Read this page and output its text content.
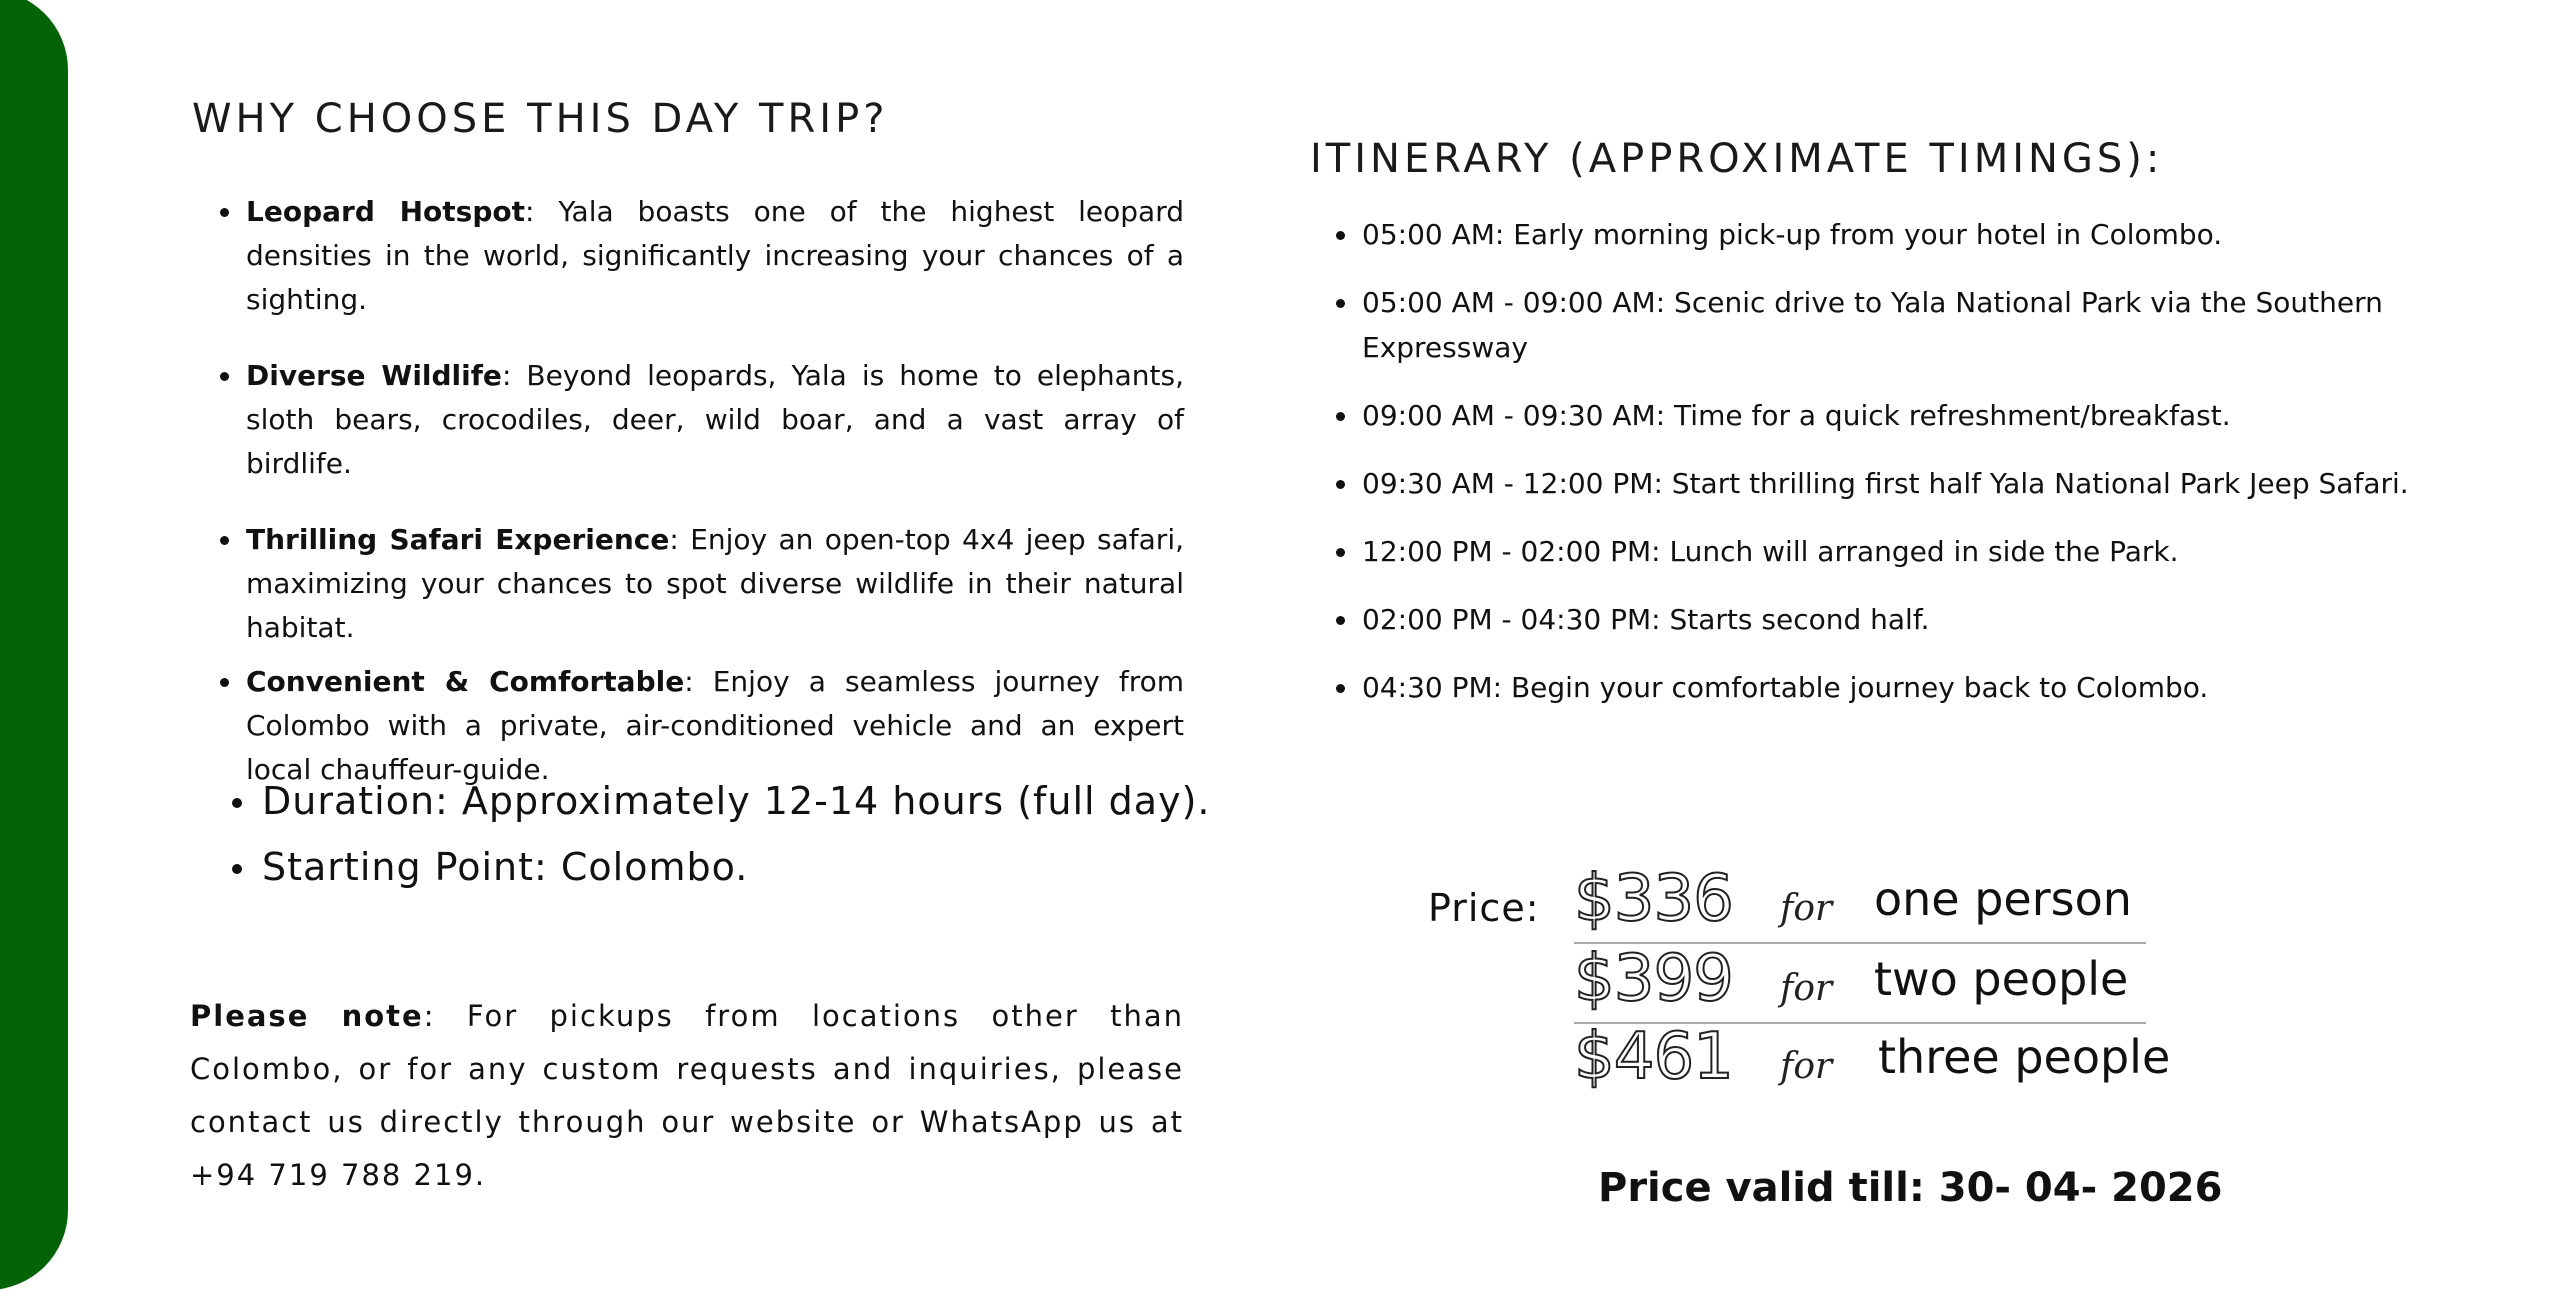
WHY CHOOSE THIS DAY TRIP?
Leopard Hotspot: Yala boasts one of the highest leopard densities in the world, significantly increasing your chances of a sighting.
Diverse Wildlife: Beyond leopards, Yala is home to elephants, sloth bears, crocodiles, deer, wild boar, and a vast array of birdlife.
Thrilling Safari Experience: Enjoy an open-top 4x4 jeep safari, maximizing your chances to spot diverse wildlife in their natural habitat.
Convenient & Comfortable: Enjoy a seamless journey from Colombo with a private, air-conditioned vehicle and an expert local chauffeur-guide.
Duration: Approximately 12-14 hours (full day).
Starting Point: Colombo.

Please note: For pickups from locations other than Colombo, or for any custom requests and inquiries, please contact us directly through our website or WhatsApp us at +94 719 788 219.

ITINERARY (APPROXIMATE TIMINGS):
05:00 AM: Early morning pick-up from your hotel in Colombo.
05:00 AM - 09:00 AM: Scenic drive to Yala National Park via the Southern Expressway
09:00 AM - 09:30 AM: Time for a quick refreshment/breakfast.
09:30 AM - 12:00 PM: Start thrilling first half Yala National Park Jeep Safari.
12:00 PM - 02:00 PM: Lunch will arranged in side the Park.
02:00 PM - 04:30 PM: Starts second half.
04:30 PM: Begin your comfortable journey back to Colombo.
Price: $336 for one person
$399 for two people
$461 for three people
Price valid till: 30- 04- 2026
